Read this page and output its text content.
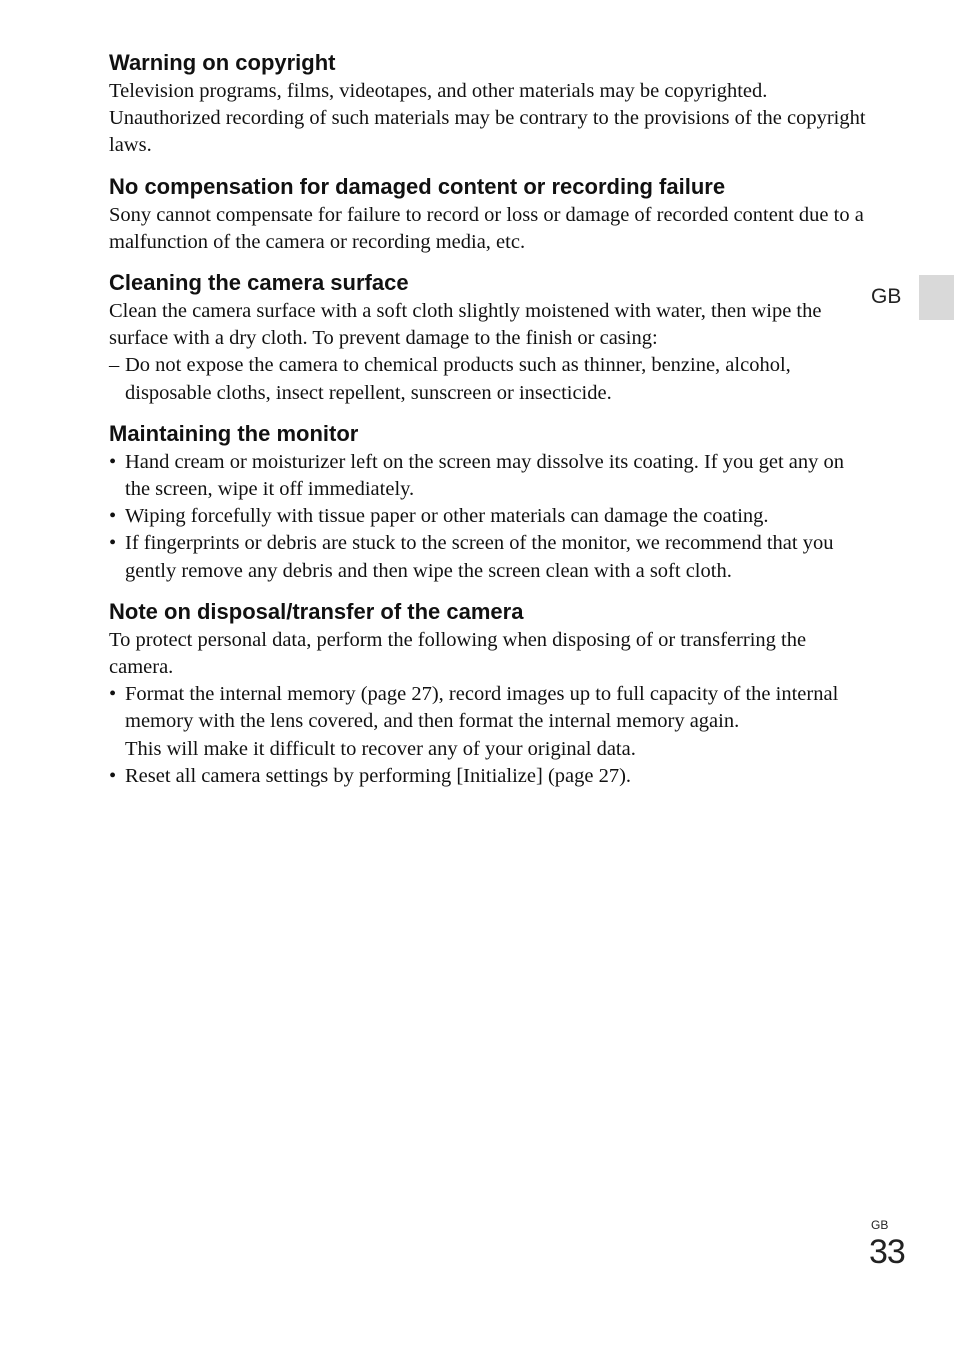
Warning on copyright

Television programs, films, videotapes, and other materials may be copyrighted. Unauthorized recording of such materials may be contrary to the provisions of the copyright laws.

No compensation for damaged content or recording failure

Sony cannot compensate for failure to record or loss or damage of recorded content due to a malfunction of the camera or recording media, etc.

Cleaning the camera surface

Clean the camera surface with a soft cloth slightly moistened with water, then wipe the surface with a dry cloth. To prevent damage to the finish or casing:

– Do not expose the camera to chemical products such as thinner, benzine, alcohol, disposable cloths, insect repellent, sunscreen or insecticide.
Maintaining the monitor
• Hand cream or moisturizer left on the screen may dissolve its coating. If you get any on the screen, wipe it off immediately.
• Wiping forcefully with tissue paper or other materials can damage the coating.
• If fingerprints or debris are stuck to the screen of the monitor, we recommend that you gently remove any debris and then wipe the screen clean with a soft cloth.
Note on disposal/transfer of the camera

To protect personal data, perform the following when disposing of or transferring the camera.

• Format the internal memory (page 27), record images up to full capacity of the internal memory with the lens covered, and then format the internal memory again.
This will make it difficult to recover any of your original data.
• Reset all camera settings by performing [Initialize] (page 27).
GB
GB
33
